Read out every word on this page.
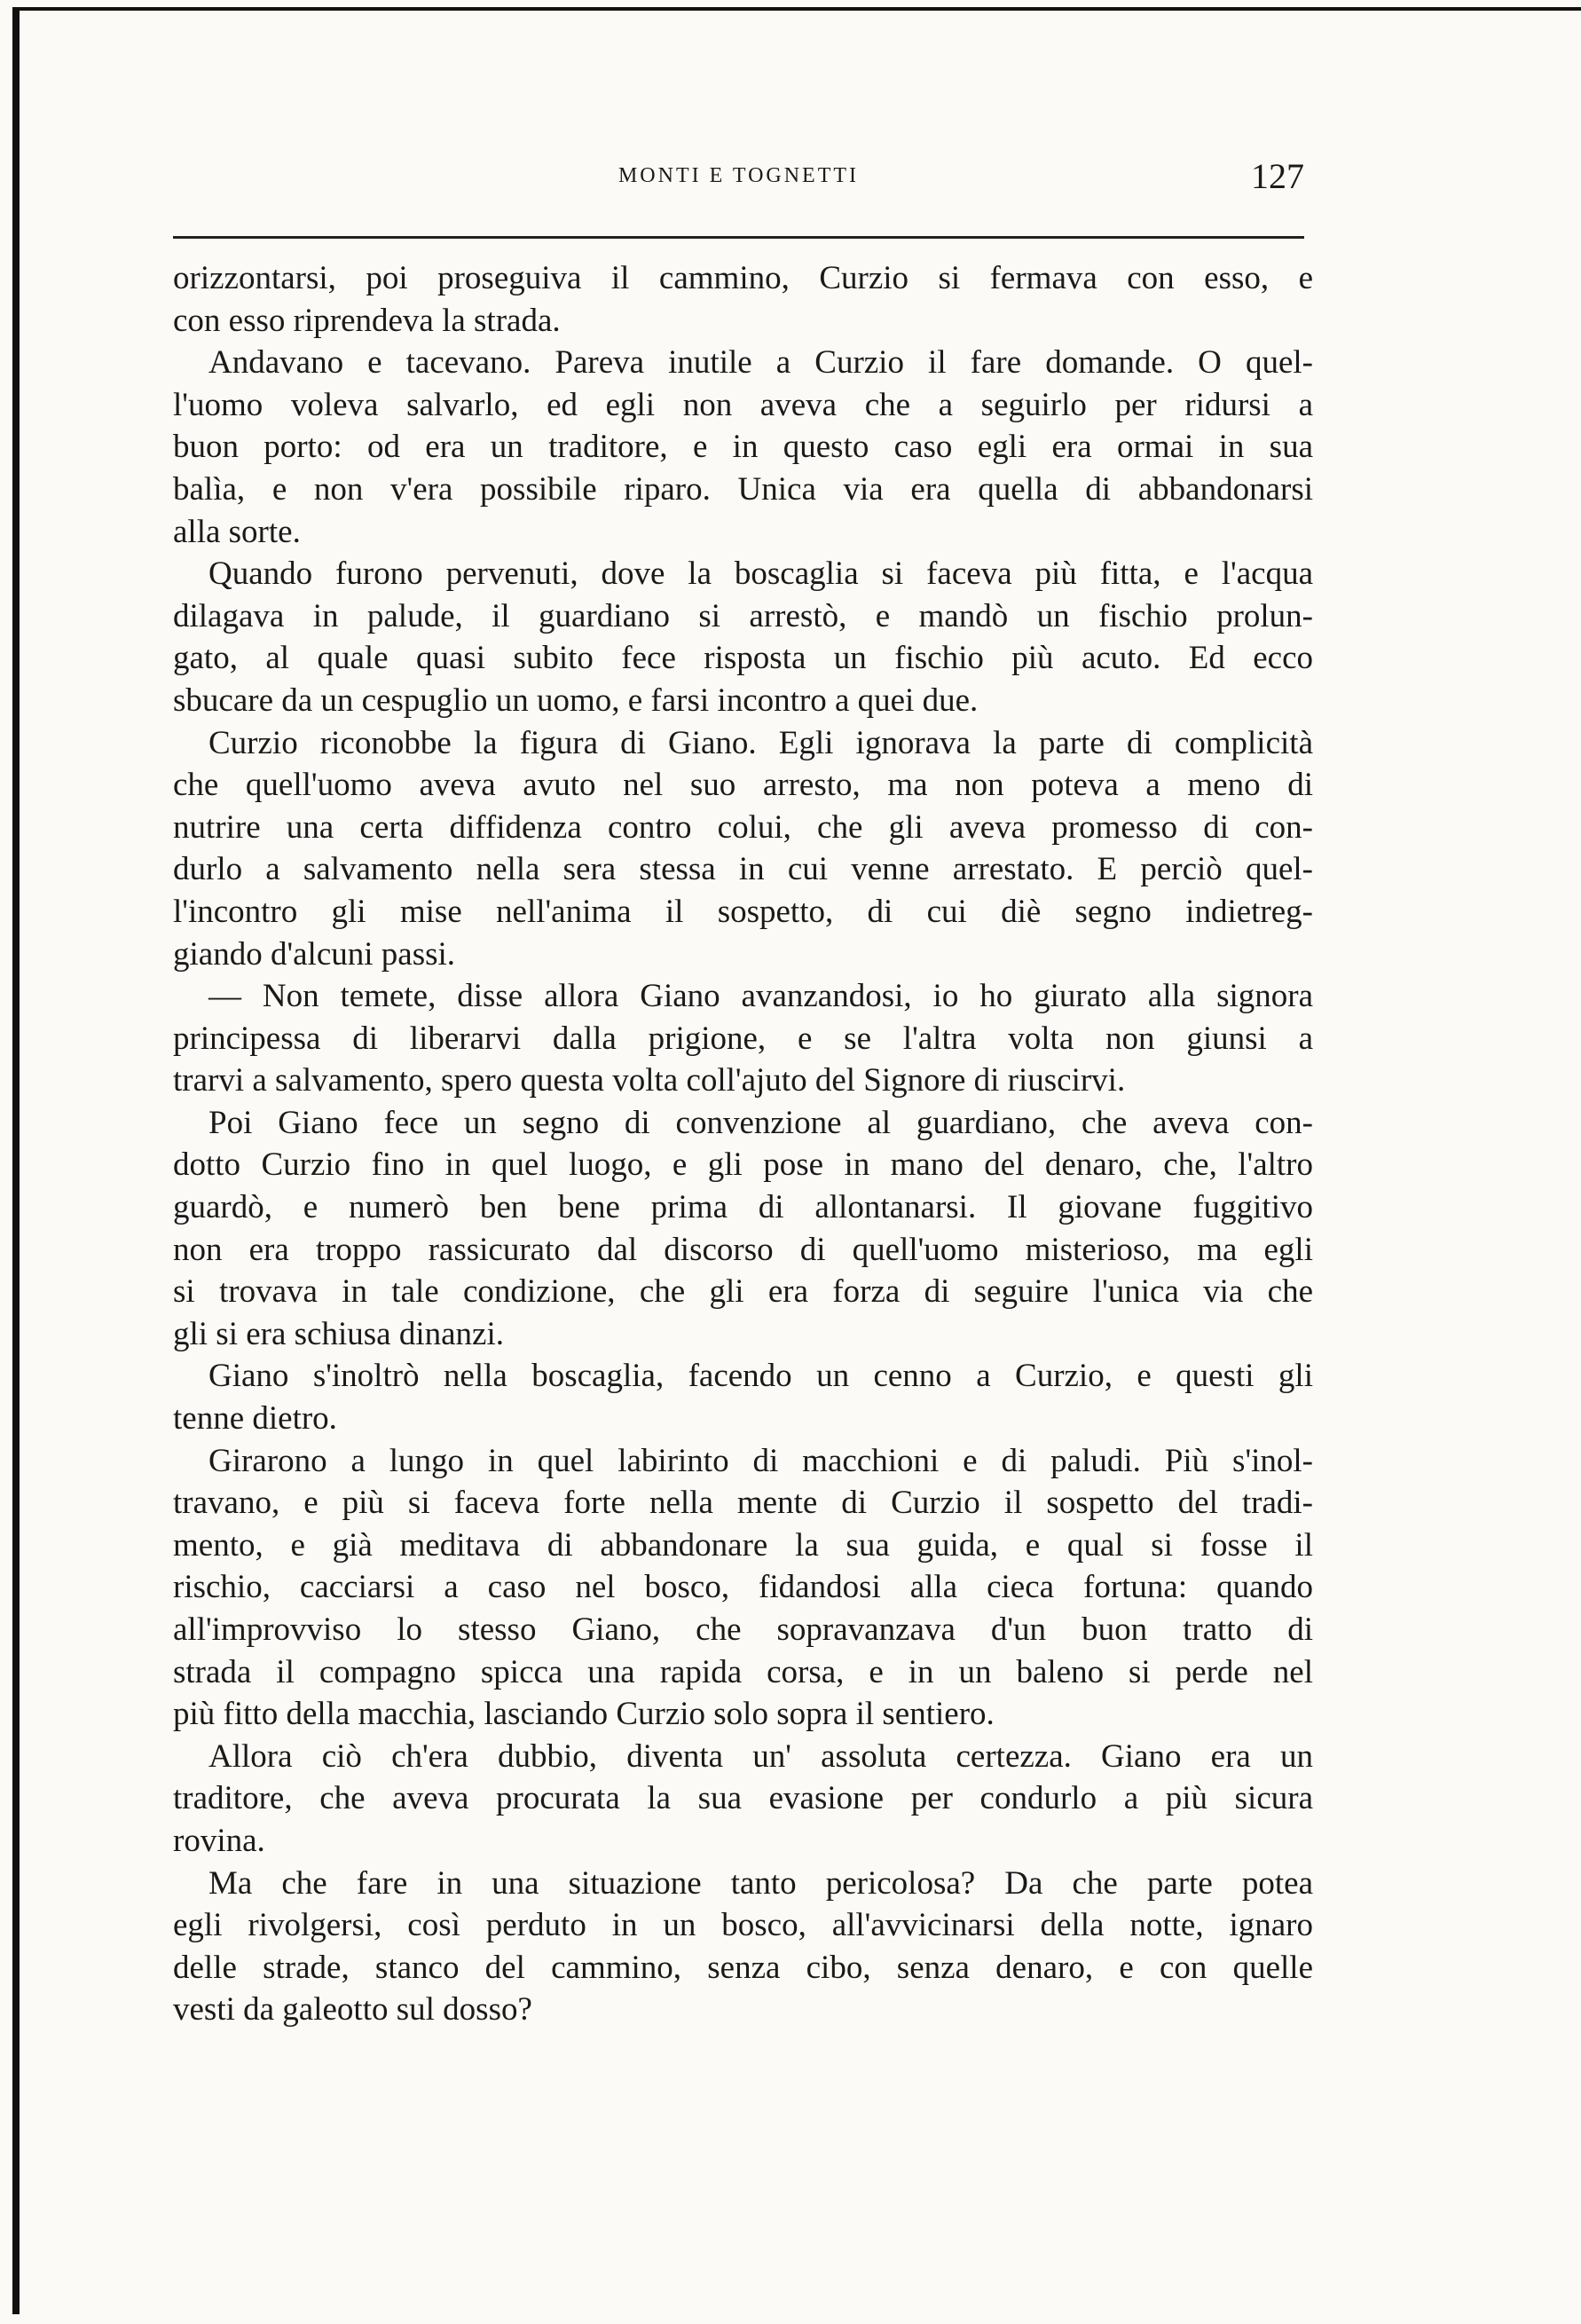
MONTI E TOGNETTI	127
orizzontarsi, poi proseguiva il cammino, Curzio si fermava con esso, e
con esso riprendeva la strada.
Andavano e tacevano. Pareva inutile a Curzio il fare domande. O quel-
l'uomo voleva salvarlo, ed egli non aveva che a seguirlo per ridursi a
buon porto: od era un traditore, e in questo caso egli era ormai in sua
balìa, e non v'era possibile riparo. Unica via era quella di abbandonarsi
alla sorte.
Quando furono pervenuti, dove la boscaglia si faceva più fitta, e l'acqua
dilagava in palude, il guardiano si arrestò, e mandò un fischio prolun-
gato, al quale quasi subito fece risposta un fischio più acuto. Ed ecco
sbucare da un cespuglio un uomo, e farsi incontro a quei due.
Curzio riconobbe la figura di Giano. Egli ignorava la parte di complicità
che quell'uomo aveva avuto nel suo arresto, ma non poteva a meno di
nutrire una certa diffidenza contro colui, che gli aveva promesso di con-
durlo a salvamento nella sera stessa in cui venne arrestato. E perciò quel-
l'incontro gli mise nell'anima il sospetto, di cui diè segno indietreg-
giando d'alcuni passi.
— Non temete, disse allora Giano avanzandosi, io ho giurato alla signora
principessa di liberarvi dalla prigione, e se l'altra volta non giunsi a
trarvi a salvamento, spero questa volta coll'ajuto del Signore di riuscirvi.
Poi Giano fece un segno di convenzione al guardiano, che aveva con-
dotto Curzio fino in quel luogo, e gli pose in mano del denaro, che, l'altro
guardò, e numerò ben bene prima di allontanarsi. Il giovane fuggitivo
non era troppo rassicurato dal discorso di quell'uomo misterioso, ma egli
si trovava in tale condizione, che gli era forza di seguire l'unica via che
gli si era schiusa dinanzi.
Giano s'inoltrò nella boscaglia, facendo un cenno a Curzio, e questi gli
tenne dietro.
Girarono a lungo in quel labirinto di macchioni e di paludi. Più s'inol-
travano, e più si faceva forte nella mente di Curzio il sospetto del tradi-
mento, e già meditava di abbandonare la sua guida, e qual si fosse il
rischio, cacciarsi a caso nel bosco, fidandosi alla cieca fortuna: quando
all'improvviso lo stesso Giano, che sopravanzava d'un buon tratto di
strada il compagno spicca una rapida corsa, e in un baleno si perde nel
più fitto della macchia, lasciando Curzio solo sopra il sentiero.
Allora ciò ch'era dubbio, diventa un' assoluta certezza. Giano era un
traditore, che aveva procurata la sua evasione per condurlo a più sicura
rovina.
Ma che fare in una situazione tanto pericolosa? Da che parte potea
egli rivolgersi, così perduto in un bosco, all'avvicinarsi della notte, ignaro
delle strade, stanco del cammino, senza cibo, senza denaro, e con quelle
vesti da galeotto sul dosso?
